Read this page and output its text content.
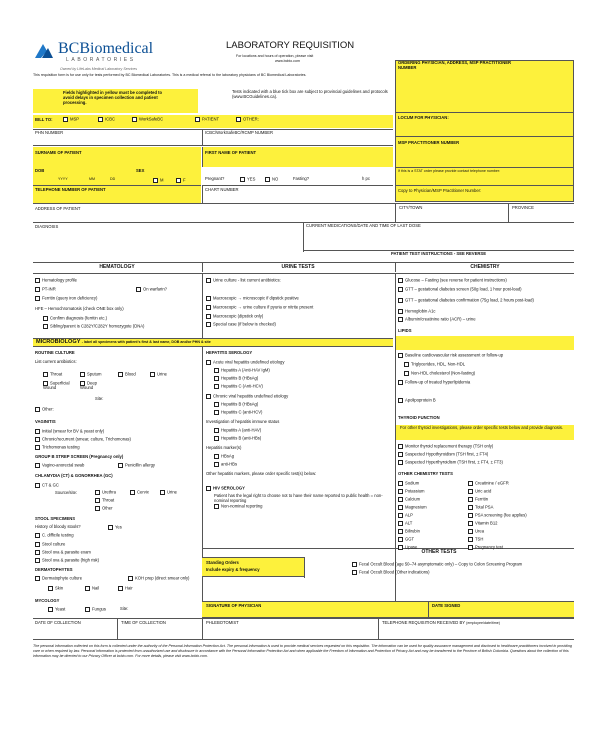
BCBiomedical
LABORATORIES
Owned by LifeLabs Medical Laboratory Services
LABORATORY REQUISITION
For locations and hours of operation, please visit
www.bcbio.com
This requisition form is for use only for tests performed by BC Biomedical Laboratories. This is a medical referral to the laboratory physicians of BC Biomedical Laboratories.
Fields highlighted in yellow must be completed to avoid delays in specimen collection and patient processing.
Tests indicated with a blue tick box are subject to provincial guidelines and protocols (www.BCGuidelines.ca).
ORDERING PHYSICIAN, ADDRESS, MSP PRACTITIONER NUMBER
LOCUM FOR PHYSICIAN:
MSP PRACTITIONER NUMBER
If this is a STAT order please provide contact telephone number:
Copy to Physician/MSP Practitioner Number:
BILL TO:	MSP	ICBC	WorkSafeBC	PATIENT	OTHER:
PHN NUMBER	ICBC/WorkSafeBC/RCMP NUMBER
SURNAME OF PATIENT	FIRST NAME OF PATIENT
DOB
YYYY	MM	DD
SEX
M	F	Pregnant?	YES	NO	Fasting?	h pc
TELEPHONE NUMBER OF PATIENT	CHART NUMBER
ADDRESS OF PATIENT	CITY/TOWN	PROVINCE
DIAGNOSIS	CURRENT MEDICATIONS/DATE AND TIME OF LAST DOSE
PATIENT TEST INSTRUCTIONS - SEE REVERSE
HEMATOLOGY	URINE TESTS	CHEMISTRY
Hematology profile
PT-INR	On warfarin?
Ferritin (query iron deficiency)
HFE – Hemochromatosis (check ONE box only)
Confirm diagnosis (ferritin etc.)
Sibling/parent is C282Y/C282Y homozygote (DNA)
MICROBIOLOGY - label all specimens with patient's first & last name, DOB and/or PHN & site
ROUTINE CULTURE
List current antibiotics:
Throat	Sputum	Blood	Urine
Superficial Wound
Deep Wound
Site:
Other:
VAGINITIS
Initial (smear for BV & yeast only)
Chronic/recurrent (smear, culture, Trichomonas)
Trichomonas testing
GROUP B STREP SCREEN (Pregnancy only)
Vagino-anorectal swab	Penicillin allergy
CHLAMYDIA (CT) & GONORRHEA (GC)
CT & GC
Source/site:	Urethra	Cervix	Urine
Throat
Other
STOOL SPECIMENS
History of bloody stools?	Yes
C. difficile testing
Stool culture
Stool ova & parasite exam
Stool ova & parasite (high risk)
DERMATOPHYTES
Dermatophyte culture	KOH prep (direct smear only)
Skin	Nail	Hair
MYCOLOGY
Yeast	Fungus	Site:
Urine culture - list current antibiotics:
Macroscopic → microscopic if dipstick positive
Macroscopic → urine culture if pyuria or nitrite present
Macroscopic (dipstick only)
Special case (if below is checked)
HEPATITIS SEROLOGY
Acute viral hepatitis undefined etiology
Hepatitis A (Anti-HAV IgM)
Hepatitis B (HBsAg)
Hepatitis C (Anti-HCV)
Chronic viral hepatitis undefined etiology
Hepatitis B (HBsAg)
Hepatitis C (anti-HCV)
Investigation of hepatitis immune status
Hepatitis A (anti-HAV)
Hepatitis B (anti-HBs)
Hepatitis marker(s)
HBsAg
anti-HBs
Other hepatitis markers, please order specific test(s) below:
HIV SEROLOGY
Patient has the legal right to choose not to have their name reported to public health = non-nominal reporting
Non-nominal reporting
Standing Orders
Include expiry & frequency
OTHER TESTS
Fecal Occult Blood (age 50–74 asymptomatic only) – Copy to Colon Screening Program
Fecal Occult Blood (Other indications)
Glucose – Fasting (see reverse for patient instructions)
GTT – gestational diabetes screen (50g load, 1 hour post-load)
GTT – gestational diabetes confirmation (75g load, 2 hours post-load)
Hemoglobin A1c
Albumin/creatinine ratio (ACR) – urine
LIPIDS
Baseline cardiovascular risk assessment or follow-up
Triglycerides, HDL, Non-HDL
Non-HDL cholesterol (Non-fasting)
Follow-up of treated hyperlipidemia
Apolipoprotein B
THYROID FUNCTION
For other thyroid investigations, please order specific tests below and provide diagnosis.
Monitor thyroid replacement therapy (TSH only)
Suspected Hypothyroidism (TSH first, ± FT4)
Suspected Hyperthyroidism (TSH first, ± FT4, ± FT3)
OTHER CHEMISTRY TESTS
Sodium
Potassium
Calcium
Magnesium
ALP
ALT
Bilirubin
GGT
Lipase
Creatinine / eGFR
Uric acid
Ferritin
Total PSA
PSA screening (fee applies)
Vitamin B12
Urea
TSH
Pregnancy test
SIGNATURE OF PHYSICIAN	DATE SIGNED
DATE OF COLLECTION	TIME OF COLLECTION	PHLEBOTOMIST	TELEPHONE REQUISITION RECEIVED BY (employee/date/time)
The personal information collected on this form is collected under the authority of the Personal Information Protection Act. The personal information is used to provide medical services requested on this requisition. The information can be used for quality assurance management and disclosed to healthcare practitioners involved in providing care or when required by law. Personal information is protected from unauthorized use and disclosure in accordance with the Personal Information Protection Act and when applicable the Freedom of Information and Protection of Privacy Act and may be transferred to the Province of British Columbia. Questions about the collection of this information may be directed to our Privacy Officer at bcbio.com. For more details, please visit www.bcbio.com.
